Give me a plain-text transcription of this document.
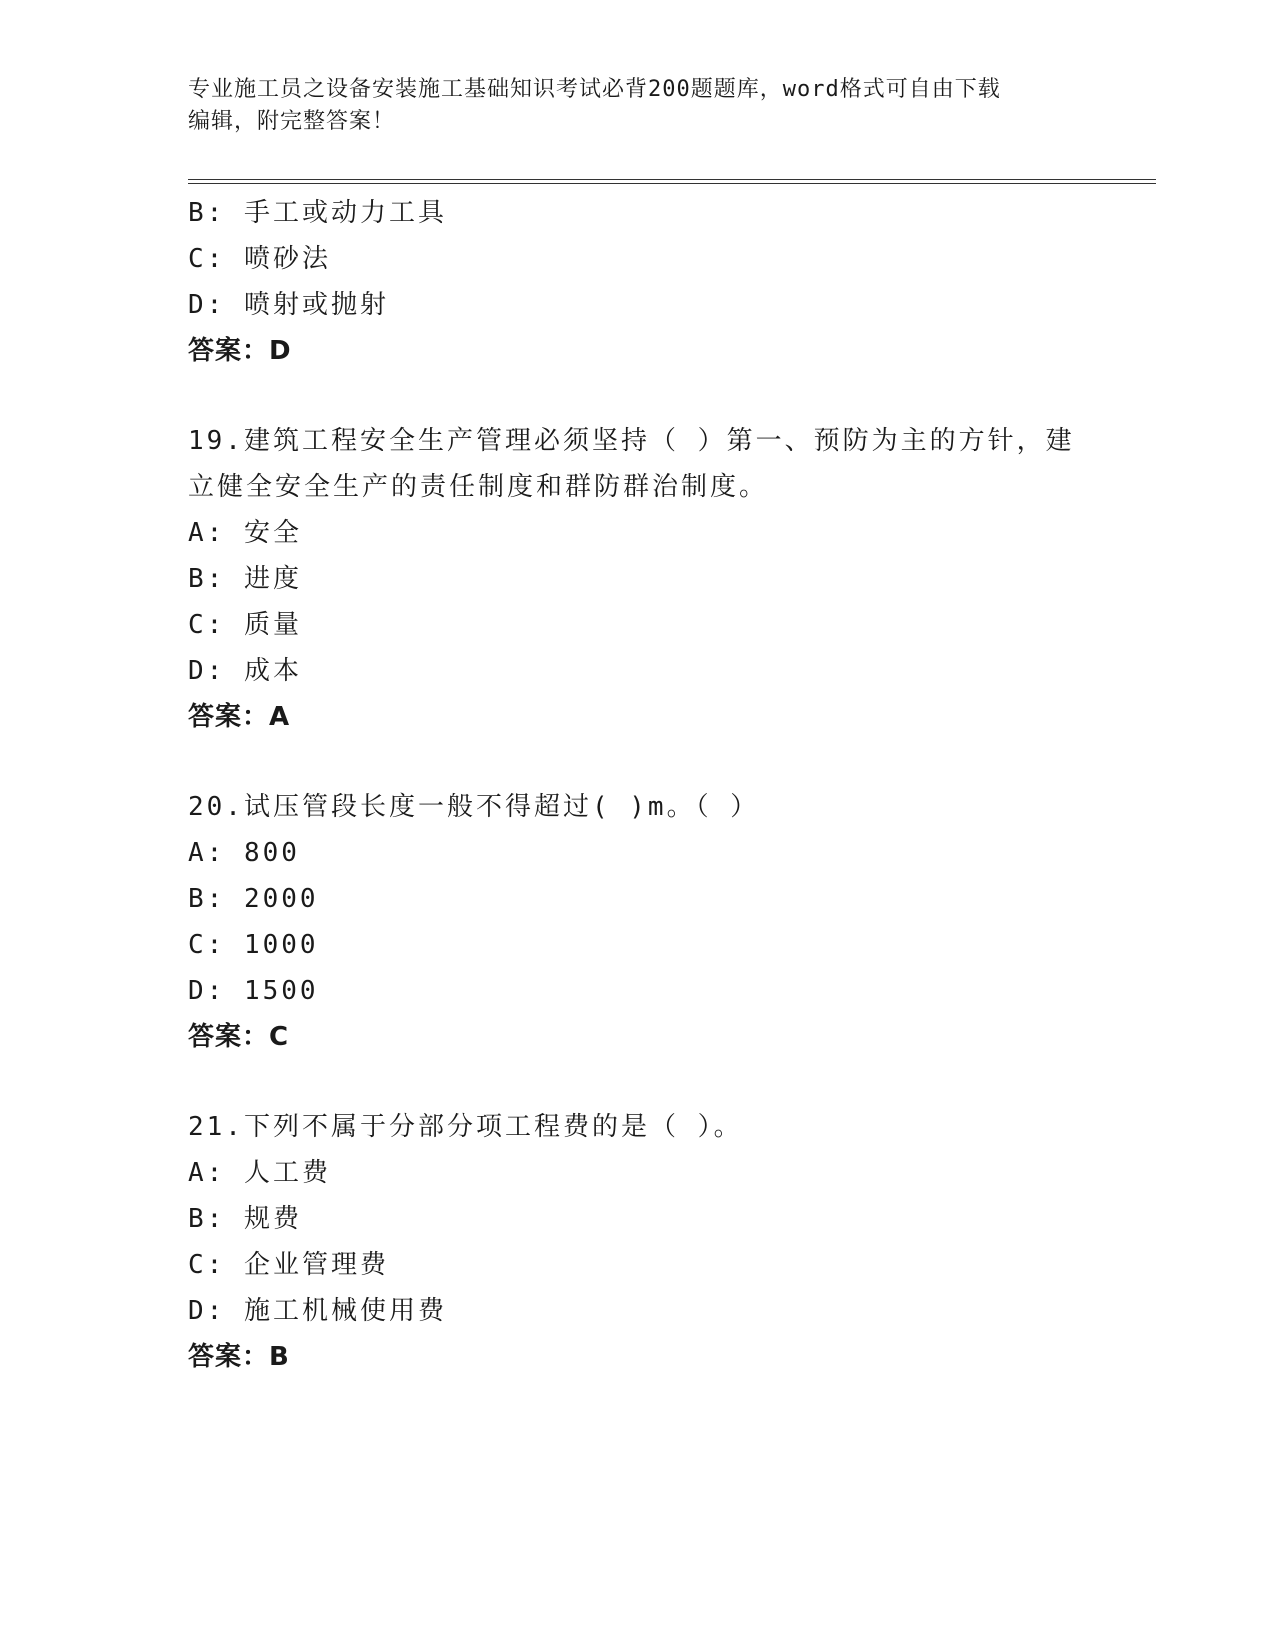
专业施工员之设备安装施工基础知识考试必背200题题库，word格式可自由下载
编辑，附完整答案！
B: 手工或动力工具
C: 喷砂法
D: 喷射或抛射
答案：D
19.建筑工程安全生产管理必须坚持（ ）第一、预防为主的方针，建
立健全安全生产的责任制度和群防群治制度。
A: 安全
B: 进度
C: 质量
D: 成本
答案：A
20.试压管段长度一般不得超过( )m。（ ）
A: 800
B: 2000
C: 1000
D: 1500
答案：C
21.下列不属于分部分项工程费的是（ ）。
A: 人工费
B: 规费
C: 企业管理费
D: 施工机械使用费
答案：B
